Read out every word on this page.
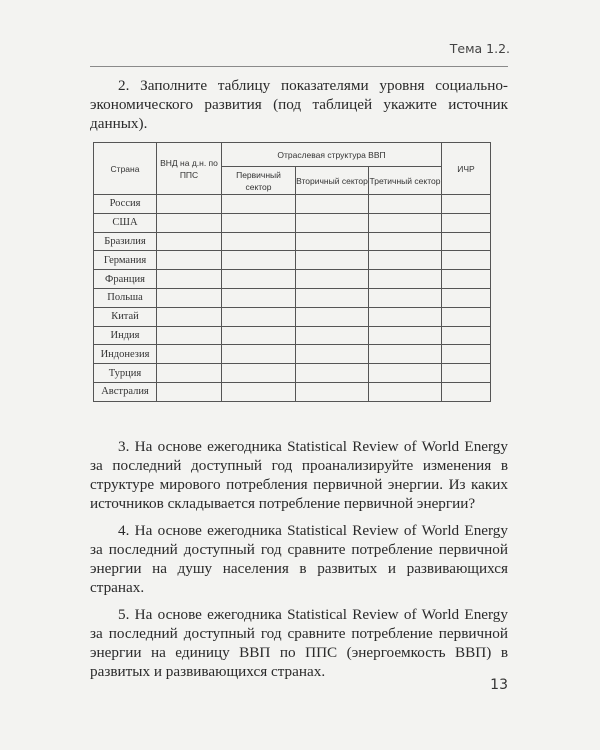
Тема 1.2.

2. Заполните таблицу показателями уровня социально-экономического развития (под таблицей укажите источник данных).

Страна	ВНД на д.н. по ППС	Отраслевая структура ВВП			ИЧР
		Первичный сектор	Вторичный сектор	Третичный сектор	
Россия					
США					
Бразилия					
Германия					
Франция					
Польша					
Китай					
Индия					
Индонезия					
Турция					
Австралия					

3. На основе ежегодника Statistical Review of World Energy за последний доступный год проанализируйте изменения в структуре мирового потребления первичной энергии. Из каких источников складывается потребление первичной энергии?

4. На основе ежегодника Statistical Review of World Energy за последний доступный год сравните потребление первичной энергии на душу населения в развитых и развивающихся странах.

5. На основе ежегодника Statistical Review of World Energy за последний доступный год сравните потребление первичной энергии на единицу ВВП по ППС (энергоемкость ВВП) в развитых и развивающихся странах.

13
